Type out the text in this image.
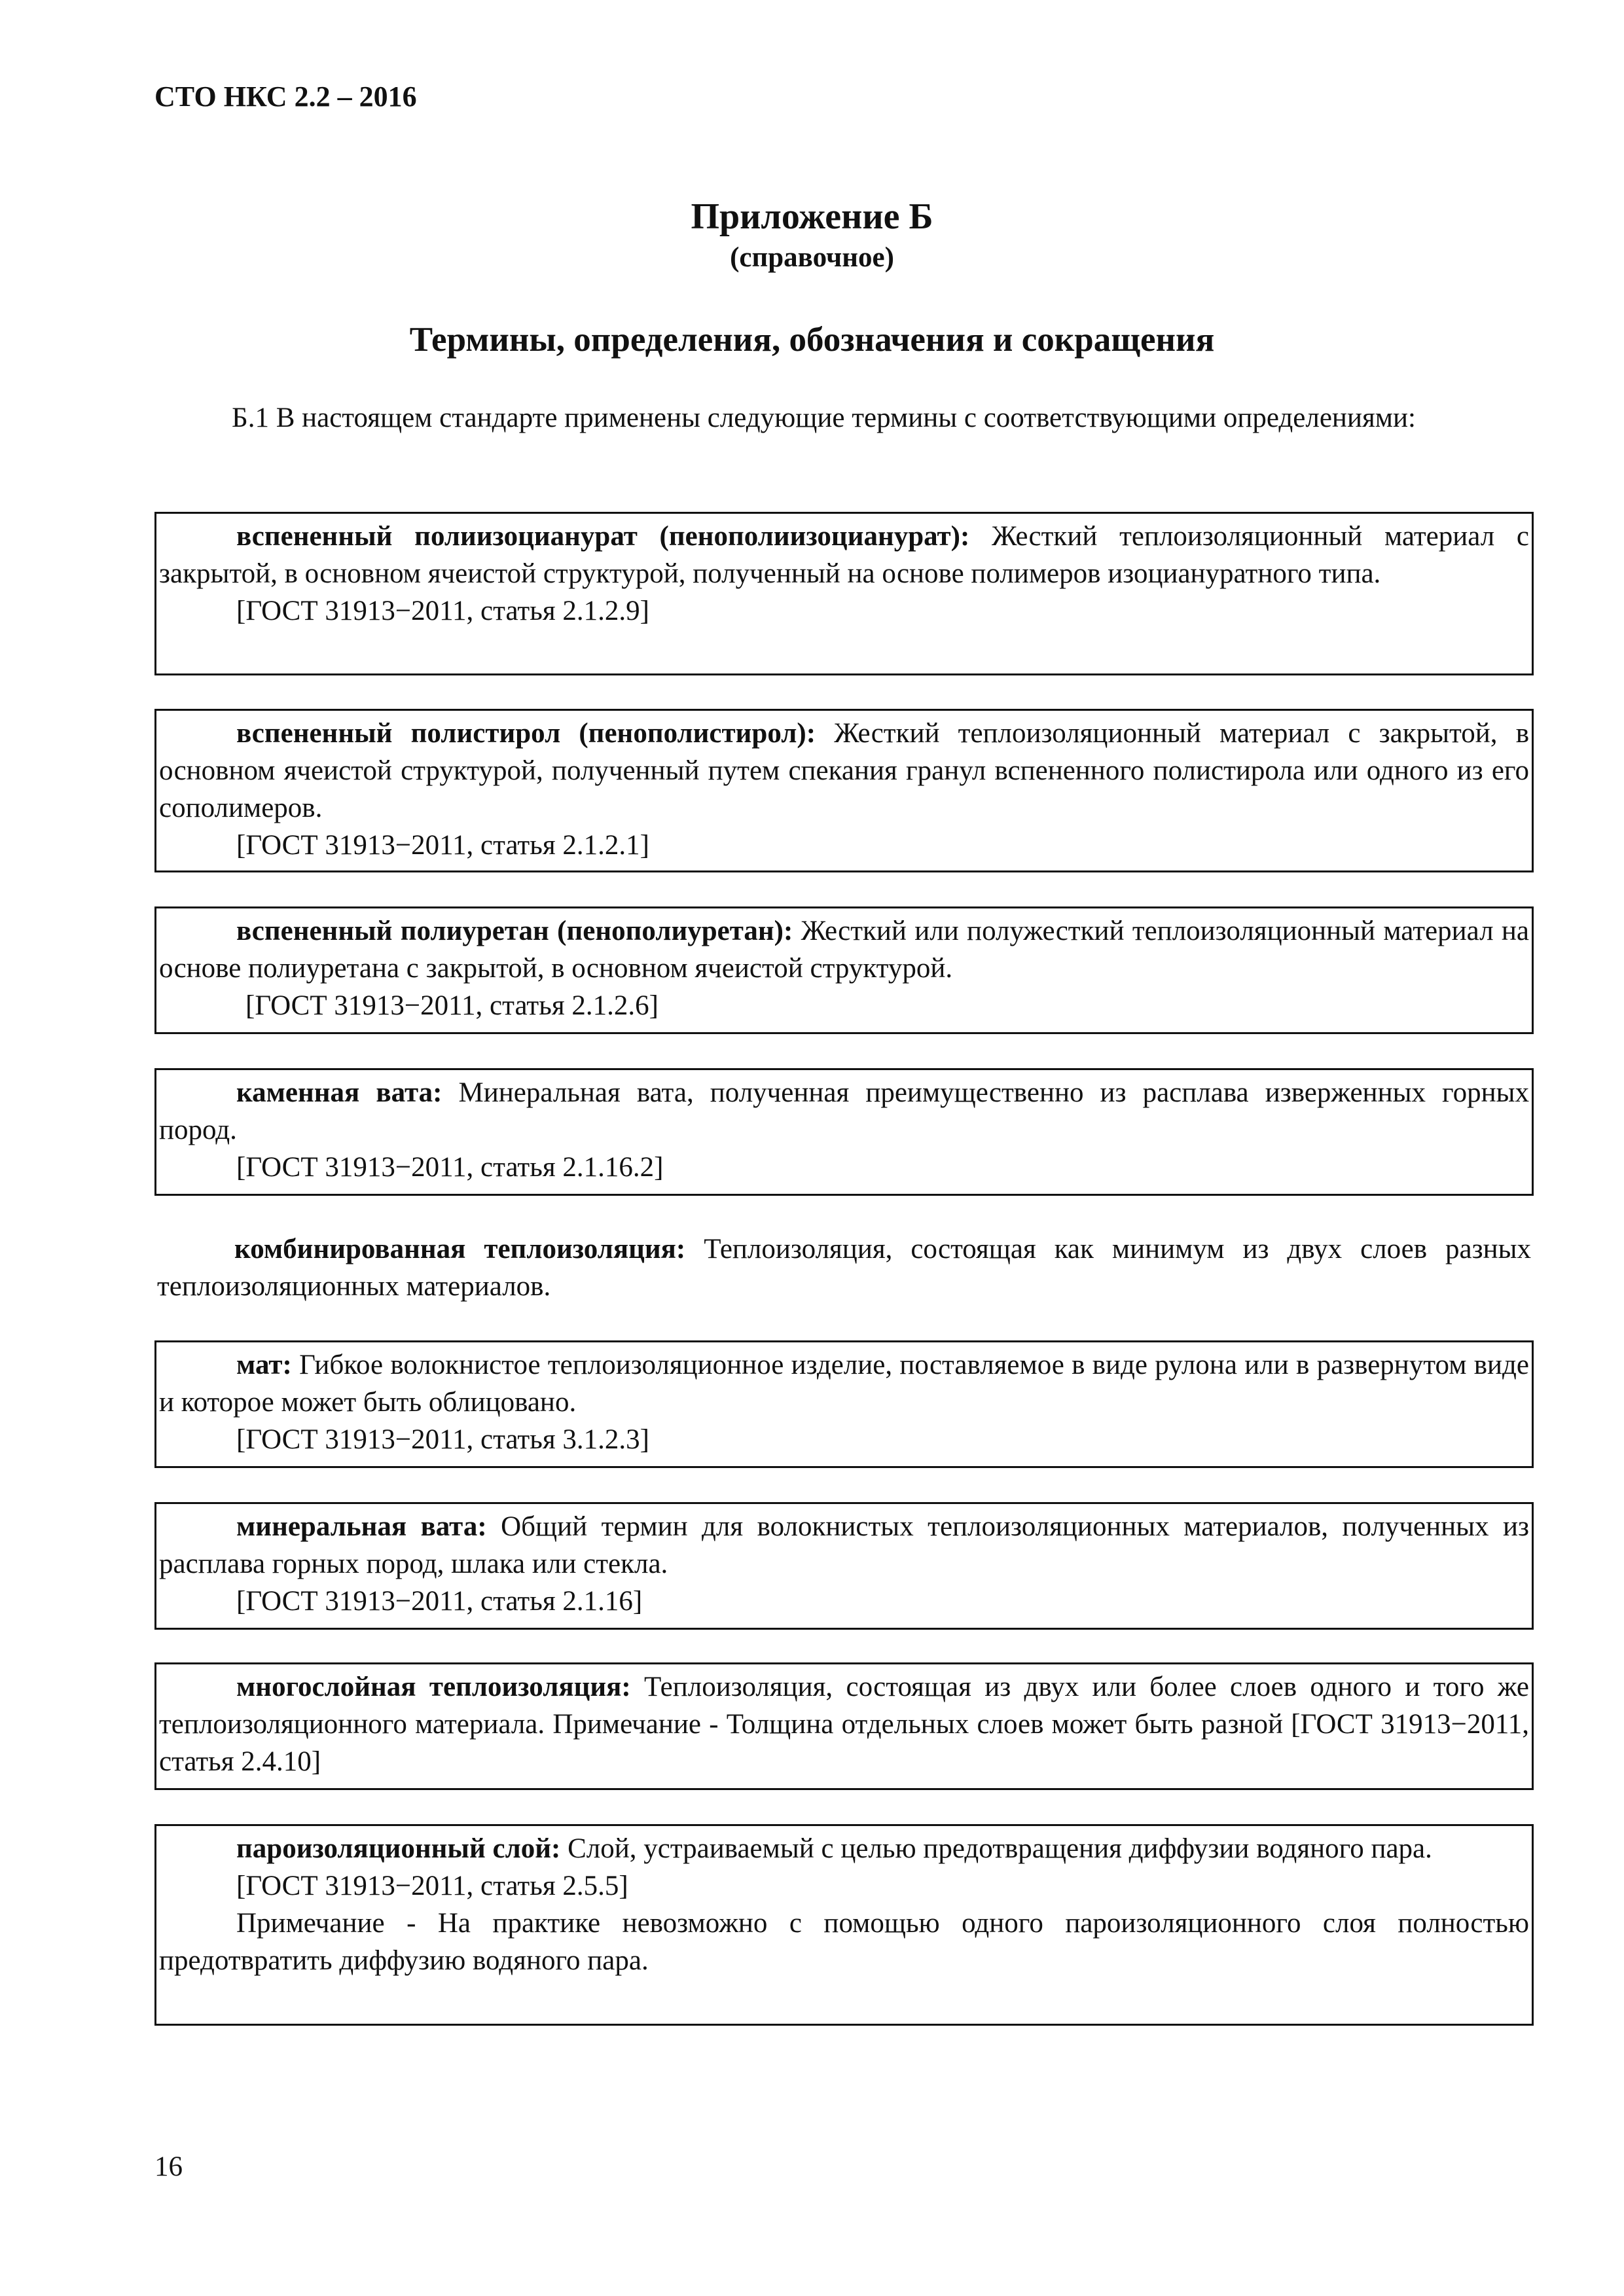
СТО НКС 2.2 – 2016
Приложение Б
(справочное)
Термины, определения, обозначения и сокращения

Б.1 В настоящем стандарте применены следующие термины с соответствующими определениями:

вспененный полиизоцианурат (пенополиизоцианурат): Жесткий теплоизоляционный материал с закрытой, в основном ячеистой структурой, полученный на основе полимеров изоциануратного типа.

[ГОСТ 31913−2011, статья 2.1.2.9]

вспененный полистирол (пенополистирол): Жесткий теплоизоляционный материал с закрытой, в основном ячеистой структурой, полученный путем спекания гранул вспененного полистирола или одного из его сополимеров.

[ГОСТ 31913−2011, статья 2.1.2.1]

вспененный полиуретан (пенополиуретан): Жесткий или полужесткий теплоизоляционный материал на основе полиуретана с закрытой, в основном ячеистой структурой.

[ГОСТ 31913−2011, статья 2.1.2.6]

каменная вата: Минеральная вата, полученная преимущественно из расплава изверженных горных пород.

[ГОСТ 31913−2011, статья 2.1.16.2]

комбинированная теплоизоляция: Теплоизоляция, состоящая как минимум из двух слоев разных теплоизоляционных материалов.

мат: Гибкое волокнистое теплоизоляционное изделие, поставляемое в виде рулона или в развернутом виде и которое может быть облицовано.

[ГОСТ 31913−2011, статья 3.1.2.3]

минеральная вата: Общий термин для волокнистых теплоизоляционных материалов, полученных из расплава горных пород, шлака или стекла.

[ГОСТ 31913−2011, статья 2.1.16]

многослойная теплоизоляция: Теплоизоляция, состоящая из двух или более слоев одного и того же теплоизоляционного материала. Примечание - Толщина отдельных слоев может быть разной [ГОСТ 31913−2011, статья 2.4.10]

пароизоляционный слой: Слой, устраиваемый с целью предотвращения диффузии водяного пара.

[ГОСТ 31913−2011, статья 2.5.5]

Примечание - На практике невозможно с помощью одного пароизоляционного слоя полностью предотвратить диффузию водяного пара.

16
